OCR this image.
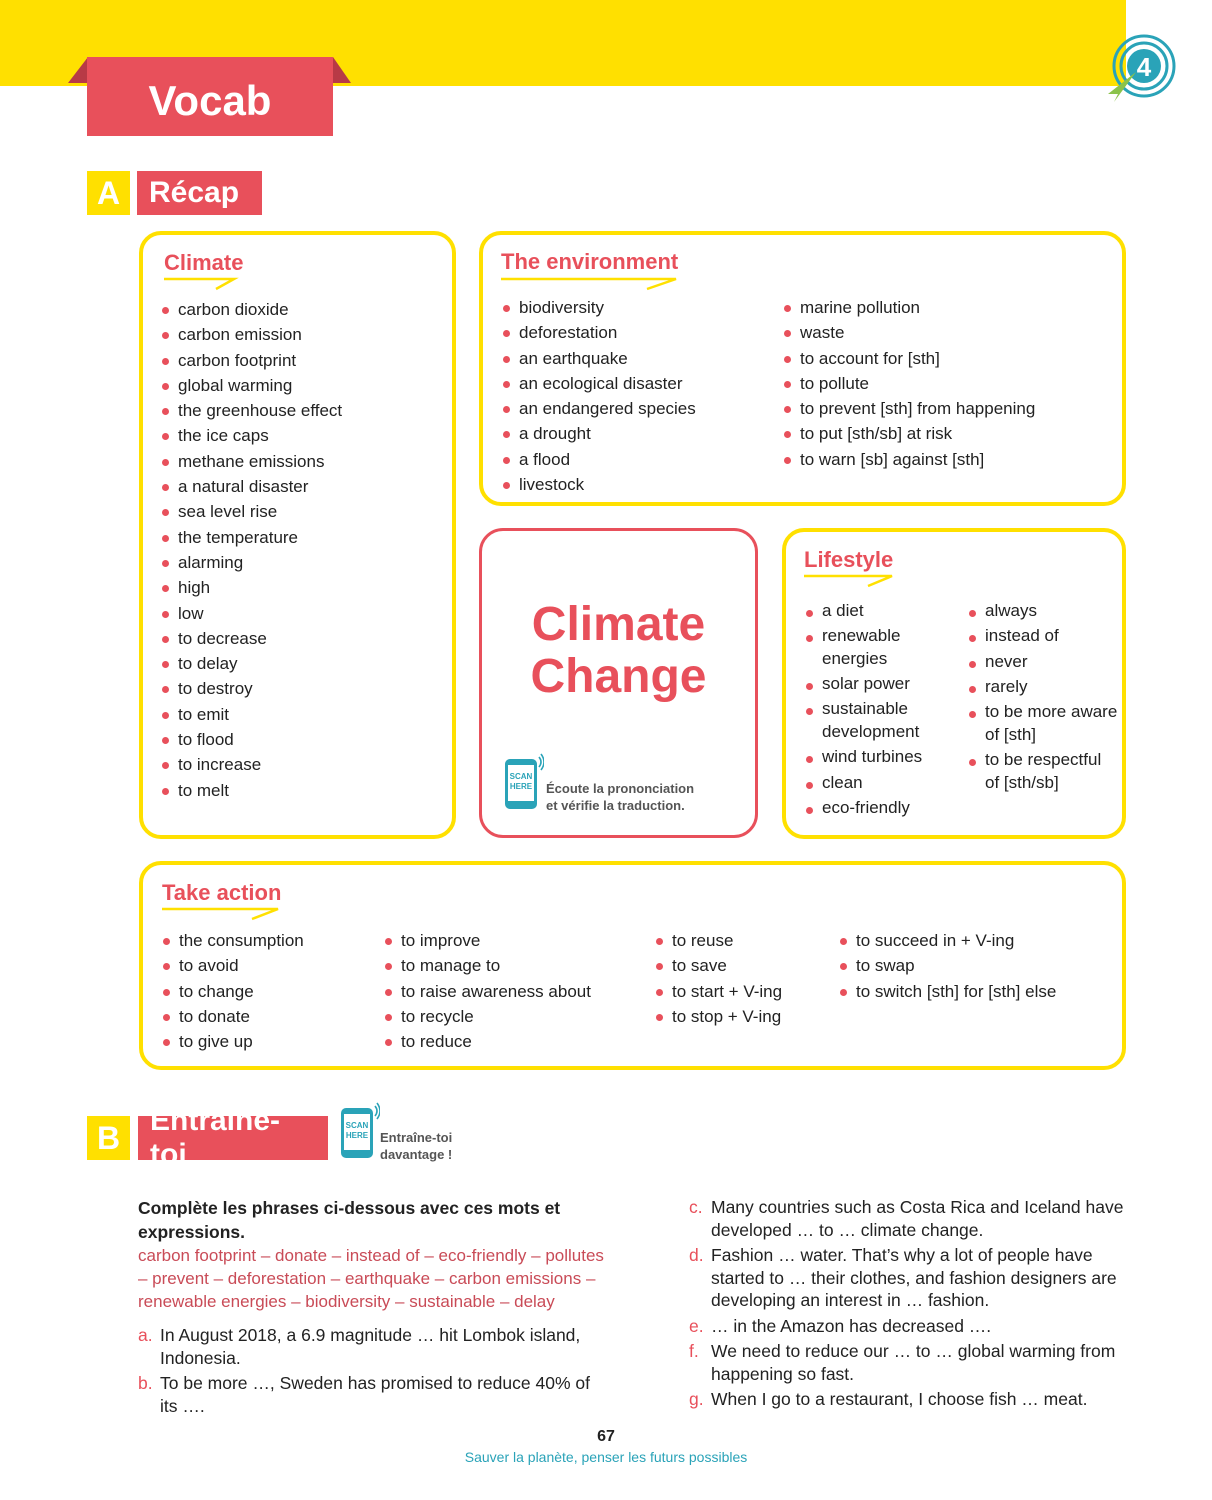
Vocab
4
A Récap
Climate
carbon dioxide
carbon emission
carbon footprint
global warming
the greenhouse effect
the ice caps
methane emissions
a natural disaster
sea level rise
the temperature
alarming
high
low
to decrease
to delay
to destroy
to emit
to flood
to increase
to melt
The environment
biodiversity
deforestation
an earthquake
an ecological disaster
an endangered species
a drought
a flood
livestock
marine pollution
waste
to account for [sth]
to pollute
to prevent [sth] from happening
to put [sth/sb] at risk
to warn [sb] against [sth]
Climate
Change
SCAN
HERE Écoute la prononciation
et vérifie la traduction.
Lifestyle
a diet
renewable energies
solar power
sustainable development
wind turbines
clean
eco-friendly
always
instead of
never
rarely
to be more aware of [sth]
to be respectful of [sth/sb]
Take action
the consumption
to avoid
to change
to donate
to give up
to improve
to manage to
to raise awareness about
to recycle
to reduce
to reuse
to save
to start + V-ing
to stop + V-ing
to succeed in + V-ing
to swap
to switch [sth] for [sth] else
B Entraîne-toi
SCAN
HERE Entraîne-toi
davantage !
Complète les phrases ci-dessous avec ces mots et expressions.
carbon footprint – donate – instead of – eco-friendly – pollutes – prevent – deforestation – earthquake – carbon emissions – renewable energies – biodiversity – sustainable – delay
a. In August 2018, a 6.9 magnitude … hit Lombok island, Indonesia.
b. To be more …, Sweden has promised to reduce 40% of its ….
c. Many countries such as Costa Rica and Iceland have developed … to … climate change.
d. Fashion … water. That’s why a lot of people have started to … their clothes, and fashion designers are developing an interest in … fashion.
e. … in the Amazon has decreased ….
f. We need to reduce our … to … global warming from happening so fast.
g. When I go to a restaurant, I choose fish … meat.
67
Sauver la planète, penser les futurs possibles
